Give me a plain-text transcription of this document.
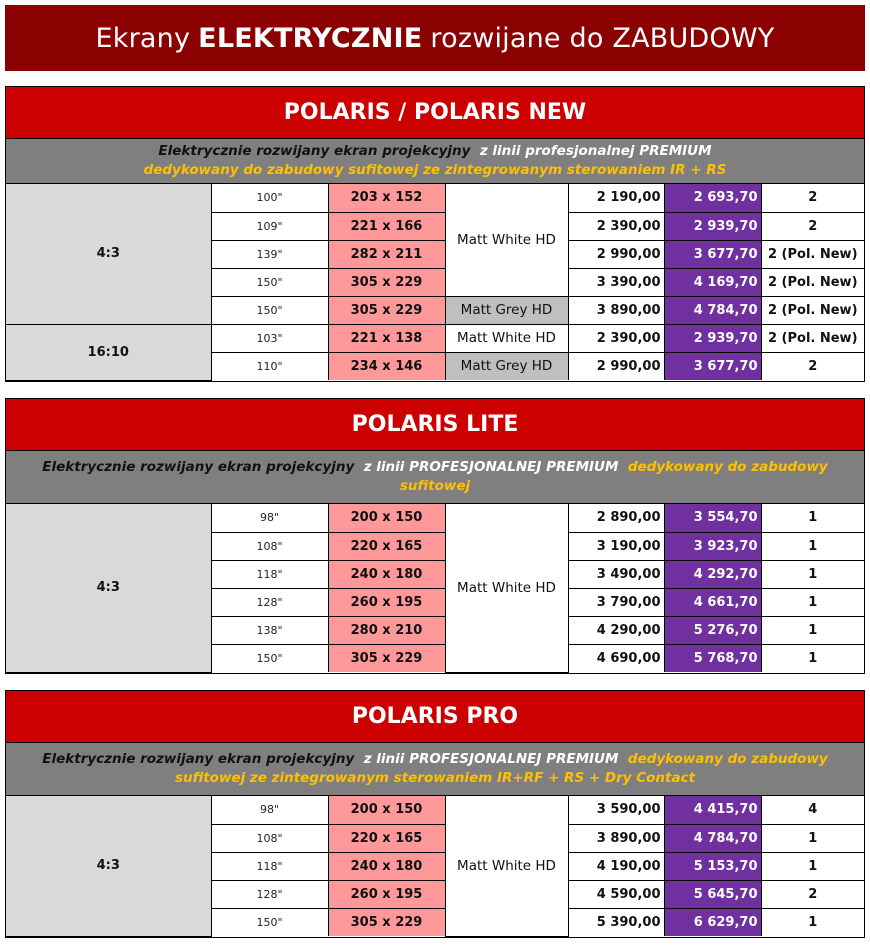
Ekrany ELEKTRYCZNIE rozwijane do ZABUDOWY
POLARIS / POLARIS NEW
Elektrycznie rozwijany ekran projekcyjny z linii profesjonalnej PREMIUM
dedykowany do zabudowy sufitowej ze zintegrowanym sterowaniem IR + RS
4:3	100"	203 x 152	Matt White HD	2 190,00	2 693,70	2
	109"	221 x 166		2 390,00	2 939,70	2
	139"	282 x 211		2 990,00	3 677,70	2 (Pol. New)
	150"	305 x 229		3 390,00	4 169,70	2 (Pol. New)
	150"	305 x 229	Matt Grey HD	3 890,00	4 784,70	2 (Pol. New)
16:10	103"	221 x 138	Matt White HD	2 390,00	2 939,70	2 (Pol. New)
	110"	234 x 146	Matt Grey HD	2 990,00	3 677,70	2
POLARIS LITE
Elektrycznie rozwijany ekran projekcyjny z linii PROFESJONALNEJ PREMIUM dedykowany do zabudowy
sufitowej
4:3	98"	200 x 150	Matt White HD	2 890,00	3 554,70	1
	108"	220 x 165		3 190,00	3 923,70	1
	118"	240 x 180		3 490,00	4 292,70	1
	128"	260 x 195		3 790,00	4 661,70	1
	138"	280 x 210		4 290,00	5 276,70	1
	150"	305 x 229		4 690,00	5 768,70	1
POLARIS PRO
Elektrycznie rozwijany ekran projekcyjny z linii PROFESJONALNEJ PREMIUM dedykowany do zabudowy
sufitowej ze zintegrowanym sterowaniem IR+RF + RS + Dry Contact
4:3	98"	200 x 150	Matt White HD	3 590,00	4 415,70	4
	108"	220 x 165		3 890,00	4 784,70	1
	118"	240 x 180		4 190,00	5 153,70	1
	128"	260 x 195		4 590,00	5 645,70	2
	150"	305 x 229		5 390,00	6 629,70	1
